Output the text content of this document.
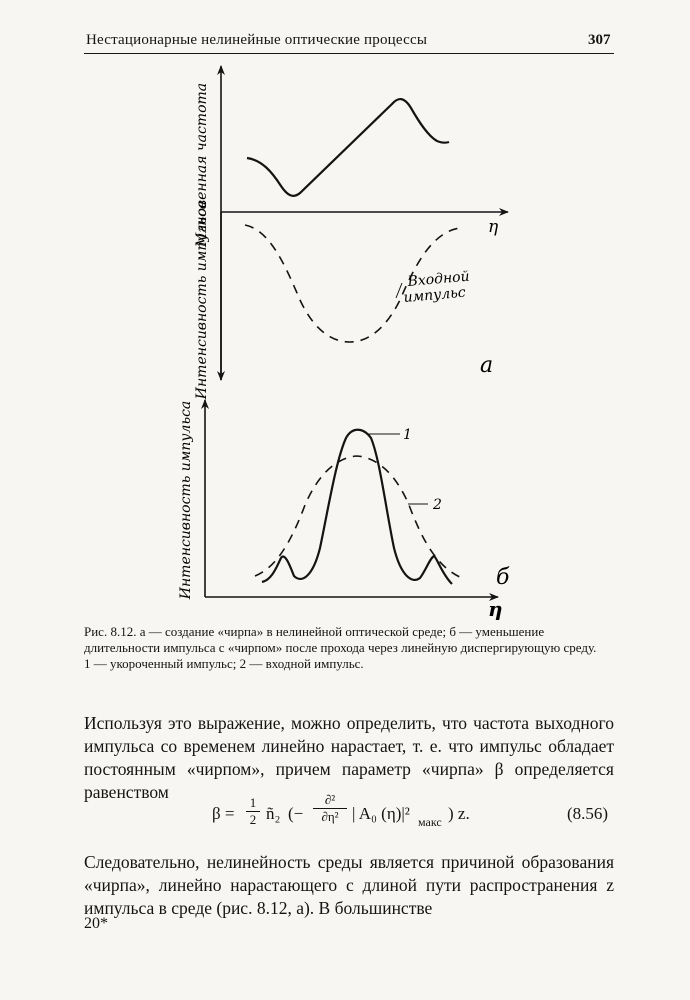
Нестационарные нелинейные оптические процессы	307
Мгновенная частота
Интенсивность импульса	η
Входной
импульс
a
1
2
Интенсивность импульса
η
б

Рис. 8.12. а — создание «чирпа» в нелинейной оптической среде; б — уменьшение длительности импульса с «чирпом» после прохода через линейную диспергирующую среду.

1 — укороченный импульс; 2 — входной импульс.

Используя это выражение, можно определить, что частота выходного импульса со временем линейно нарастает, т. е. что импульс обладает постоянным «чирпом», причем параметр «чирпа» β определяется равенством
β =
1
2 ñ₂ (−
∂²
∂η² | A₀ (η)|² макс ) z.	(8.56)
Следовательно, нелинейность среды является причиной образования «чирпа», линейно нарастающего с длиной пути распространения z импульса в среде (рис. 8.12, а). В большинстве
20*
